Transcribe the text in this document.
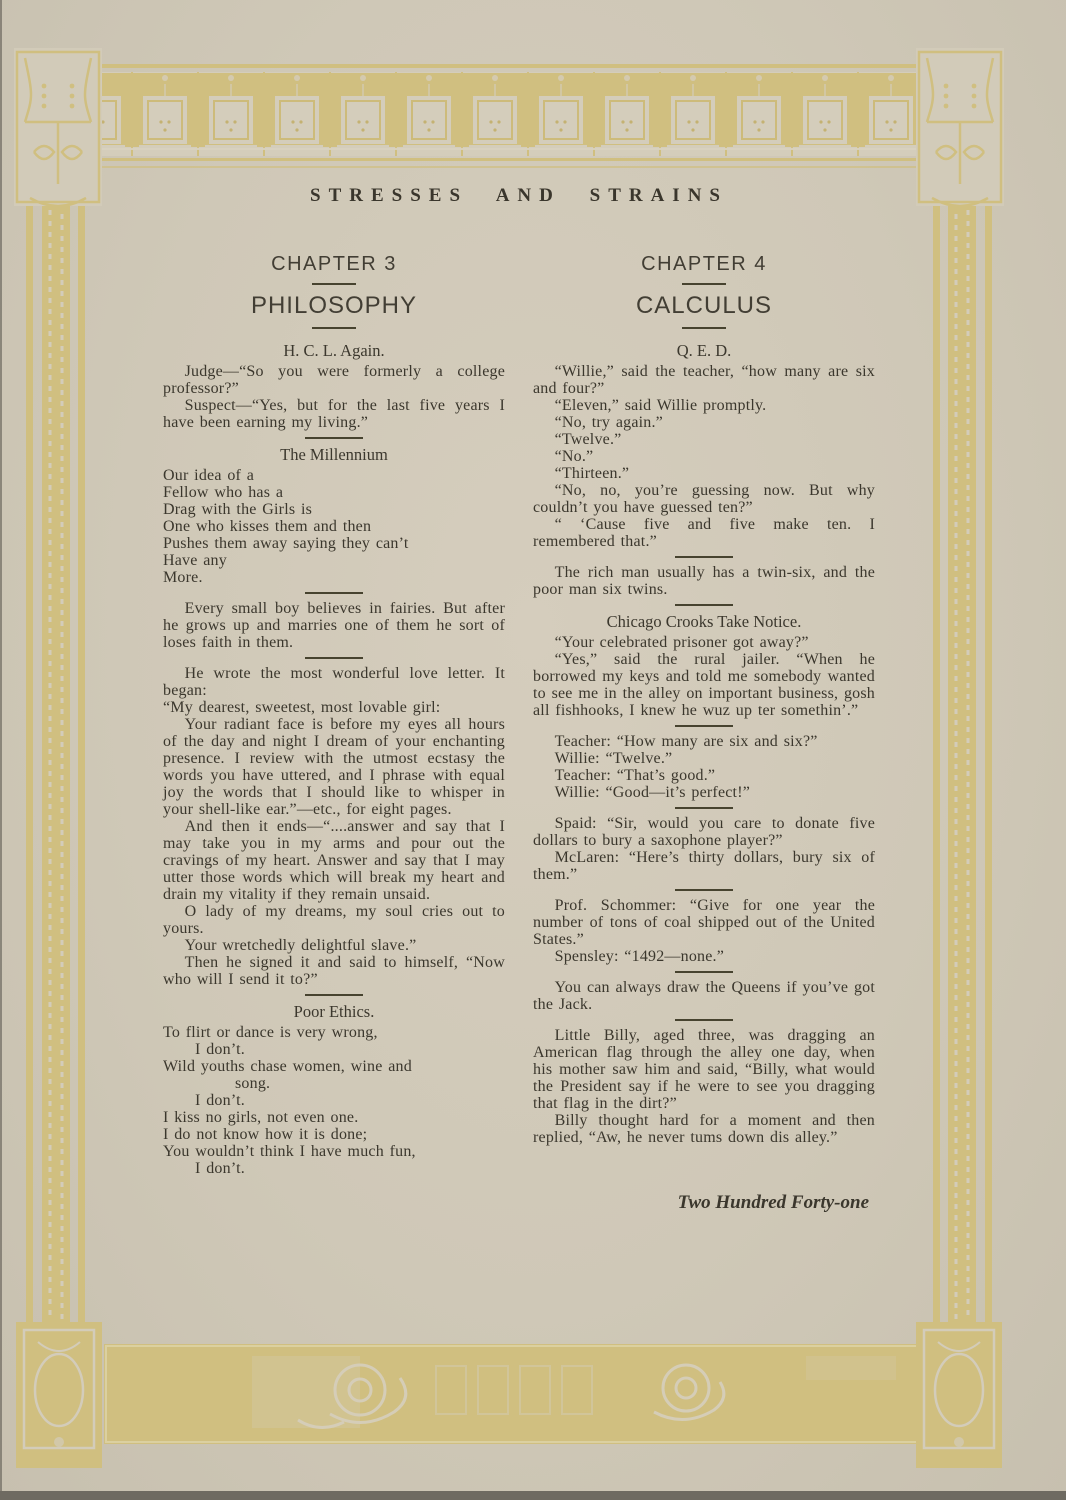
STRESSES AND STRAINS
CHAPTER 3
PHILOSOPHY
H. C. L. Again.

Judge—“So you were formerly a college professor?”

Suspect—“Yes, but for the last five years I have been earning my living.”

The Millennium
Our idea of a
Fellow who has a
Drag with the Girls is
One who kisses them and then
Pushes them away saying they can’t
Have any
More.

Every small boy believes in fairies. But after he grows up and marries one of them he sort of loses faith in them.

He wrote the most wonderful love letter. It began:

“My dearest, sweetest, most lovable girl:

Your radiant face is before my eyes all hours of the day and night I dream of your enchanting presence. I review with the utmost ecstasy the words you have uttered, and I phrase with equal joy the words that I should like to whisper in your shell-like ear.”—etc., for eight pages.

And then it ends—“....answer and say that I may take you in my arms and pour out the cravings of my heart. Answer and say that I may utter those words which will break my heart and drain my vitality if they remain unsaid.

O lady of my dreams, my soul cries out to yours.

Your wretchedly delightful slave.”

Then he signed it and said to himself, “Now who will I send it to?”

Poor Ethics.
To flirt or dance is very wrong,
I don’t.
Wild youths chase women, wine and
song.
I don’t.
I kiss no girls, not even one.
I do not know how it is done;
You wouldn’t think I have much fun,
I don’t.
CHAPTER 4
CALCULUS
Q. E. D.

“Willie,” said the teacher, “how many are six and four?”

“Eleven,” said Willie promptly.

“No, try again.”

“Twelve.”

“No.”

“Thirteen.”

“No, no, you’re guessing now. But why couldn’t you have guessed ten?”

“ ‘Cause five and five make ten. I remembered that.”

The rich man usually has a twin-six, and the poor man six twins.

Chicago Crooks Take Notice.

“Your celebrated prisoner got away?”

“Yes,” said the rural jailer. “When he borrowed my keys and told me somebody wanted to see me in the alley on important business, gosh all fishhooks, I knew he wuz up ter somethin’.”

Teacher: “How many are six and six?”

Willie: “Twelve.”

Teacher: “That’s good.”

Willie: “Good—it’s perfect!”

Spaid: “Sir, would you care to donate five dollars to bury a saxophone player?”

McLaren: “Here’s thirty dollars, bury six of them.”

Prof. Schommer: “Give for one year the number of tons of coal shipped out of the United States.”

Spensley: “1492—none.”

You can always draw the Queens if you’ve got the Jack.

Little Billy, aged three, was dragging an American flag through the alley one day, when his mother saw him and said, “Billy, what would the President say if he were to see you dragging that flag in the dirt?”

Billy thought hard for a moment and then replied, “Aw, he never tums down dis alley.”

Two Hundred Forty-one
